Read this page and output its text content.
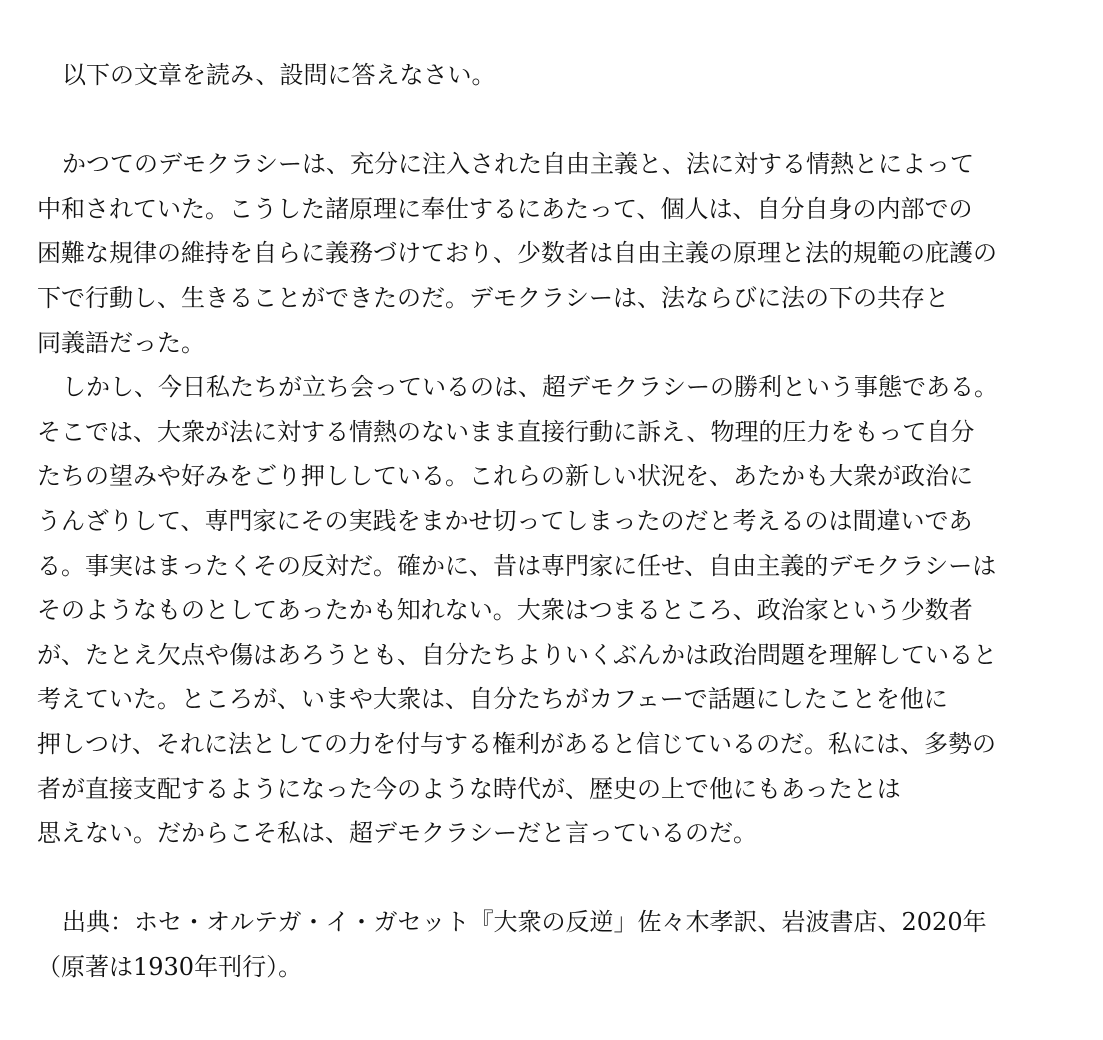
以下の文章を読み、設問に答えなさい。
かつてのデモクラシーは、充分に注入された自由主義と、法に対する情熱とによって
中和されていた。こうした諸原理に奉仕するにあたって、個人は、自分自身の内部での
困難な規律の維持を自らに義務づけており、少数者は自由主義の原理と法的規範の庇護の
下で行動し、生きることができたのだ。デモクラシーは、法ならびに法の下の共存と
同義語だった。
しかし、今日私たちが立ち会っているのは、超デモクラシーの勝利という事態である。
そこでは、大衆が法に対する情熱のないまま直接行動に訴え、物理的圧力をもって自分
たちの望みや好みをごり押ししている。これらの新しい状況を、あたかも大衆が政治に
うんざりして、専門家にその実践をまかせ切ってしまったのだと考えるのは間違いであ
る。事実はまったくその反対だ。確かに、昔は専門家に任せ、自由主義的デモクラシーは
そのようなものとしてあったかも知れない。大衆はつまるところ、政治家という少数者
が、たとえ欠点や傷はあろうとも、自分たちよりいくぶんかは政治問題を理解していると
考えていた。ところが、いまや大衆は、自分たちがカフェーで話題にしたことを他に
押しつけ、それに法としての力を付与する権利があると信じているのだ。私には、多勢の
者が直接支配するようになった今のような時代が、歴史の上で他にもあったとは
思えない。だからこそ私は、超デモクラシーだと言っているのだ。
出典：ホセ・オルテガ・イ・ガセット『大衆の反逆」佐々木孝訳、岩波書店、2020年
（原著は1930年刊行）。
